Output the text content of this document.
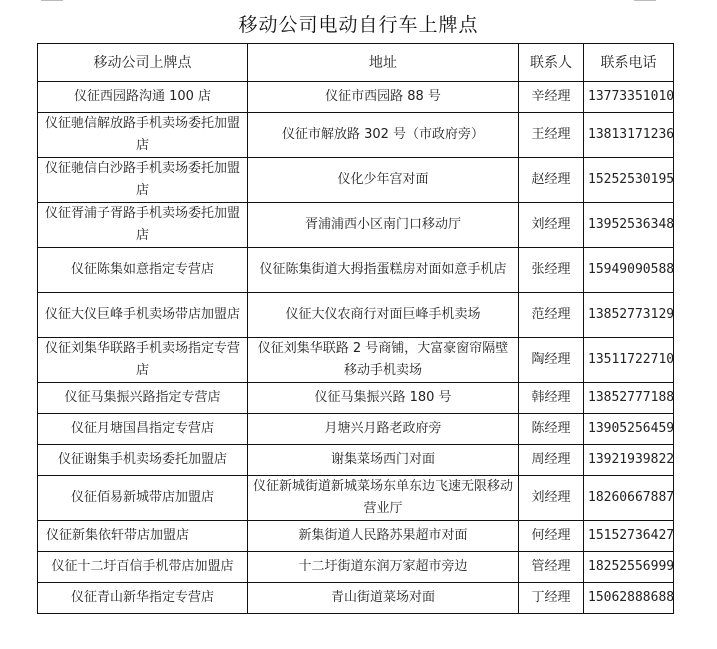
移动公司电动自行车上牌点
移动公司上牌点	地址	联系人	联系电话
仪征西园路沟通 100 店	仪征市西园路 88 号	辛经理	13773351010
仪征驰信解放路手机卖场委托加盟店	仪征市解放路 302 号（市政府旁）	王经理	13813171236
仪征驰信白沙路手机卖场委托加盟店	仪化少年宫对面	赵经理	15252530195
仪征胥浦子胥路手机卖场委托加盟店	胥浦浦西小区南门口移动厅	刘经理	13952536348
仪征陈集如意指定专营店	仪征陈集街道大拇指蛋糕房对面如意手机店	张经理	15949090588
仪征大仪巨峰手机卖场带店加盟店	仪征大仪农商行对面巨峰手机卖场	范经理	13852773129
仪征刘集华联路手机卖场指定专营店	仪征刘集华联路 2 号商铺，大富豪窗帘隔壁移动手机卖场	陶经理	13511722710
仪征马集振兴路指定专营店	仪征马集振兴路 180 号	韩经理	13852777188
仪征月塘国昌指定专营店	月塘兴月路老政府旁	陈经理	13905256459
仪征谢集手机卖场委托加盟店	谢集菜场西门对面	周经理	13921939822
仪征佰易新城带店加盟店	仪征新城街道新城菜场东单东边飞速无限移动营业厅	刘经理	18260667887
仪征新集依轩带店加盟店	新集街道人民路苏果超市对面	何经理	15152736427
仪征十二圩百信手机带店加盟店	十二圩街道东润万家超市旁边	管经理	18252556999
仪征青山新华指定专营店	青山街道菜场对面	丁经理	15062888688
